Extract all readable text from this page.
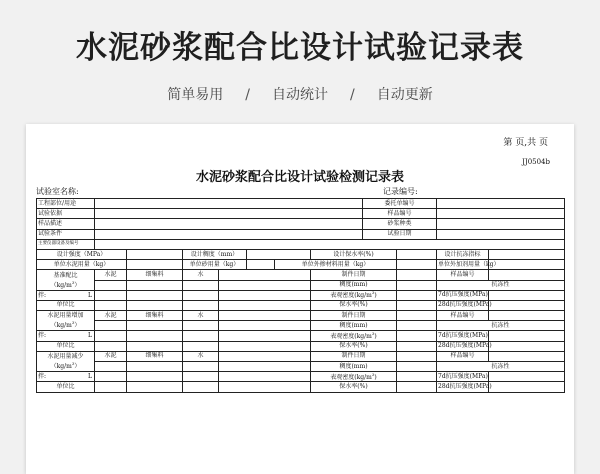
水泥砂浆配合比设计试验记录表
简单易用 / 自动统计 / 自动更新
第 页,共 页
JJ0504b
水泥砂浆配合比设计试验检测记录表
试验室名称:	记录编号:
工程部位/用途								委托单编号			
试验依据								样品编号			
样品描述								砂浆种类			
试验条件								试验日期			
主要仪器设备及编号											
设计强度（MPa）			设计稠度（mm）				设计保水率(%)			设计抗冻指标	
单位水泥用量（kg）			单位砂用量（kg）			单位外掺材料用量（kg）				单位外加剂用量（kg）	
基准配比
$(kg/m^3)$	水泥	细集料	水				制件日期			样品编号	
							稠度(mm)			抗冻性	

拌: L							表观密度$(kg/m^3)$			7d抗压强度(MPa)	
单位比							保水率(%)			28d抗压强度(MPa)	
水泥用量增加
$(kg/m^3)$	水泥	细集料	水				制件日期			样品编号	
							稠度(mm)			抗冻性	

拌: L							表观密度$(kg/m^3)$			7d抗压强度(MPa)	
单位比							保水率(%)			28d抗压强度(MPa)	
水泥用量减少
$(kg/m^3)$	水泥	细集料	水				制件日期			样品编号	
							稠度(mm)			抗冻性	

拌: L							表观密度$(kg/m^3)$			7d抗压强度(MPa)	
单位比							保水率(%)			28d抗压强度(MPa)	
